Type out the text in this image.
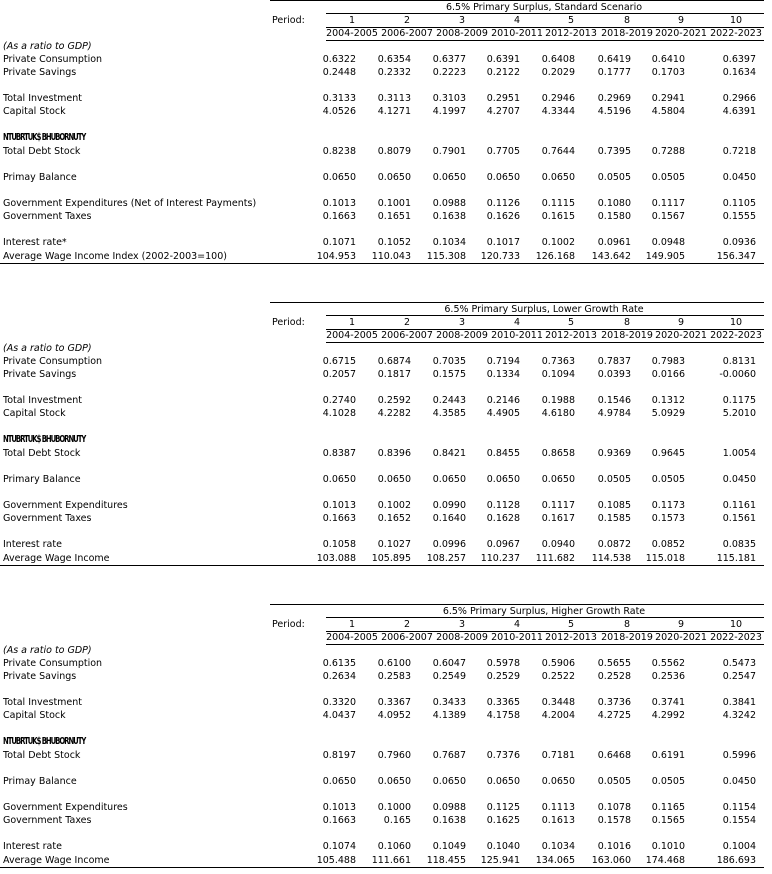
6.5% Primary Surplus, Standard Scenario
Period:	1	2	3	4	5	8	9	10
2004-2005 2006-2007 2008-2009 2010-2011 2012-2013 2018-2019 2020-2021 2022-2023
(As a ratio to GDP)
NTUBRTUK$ BHUBORNUTY
Private Consumption	0.6322	0.6354	0.6377	0.6391	0.6408	0.6419	0.6410	0.6397
Private Savings	0.2448	0.2332	0.2223	0.2122	0.2029	0.1777	0.1703	0.1634
Total Investment	0.3133	0.3113	0.3103	0.2951	0.2946	0.2969	0.2941	0.2966
Capital Stock	4.0526	4.1271	4.1997	4.2707	4.3344	4.5196	4.5804	4.6391
Total Debt Stock	0.8238	0.8079	0.7901	0.7705	0.7644	0.7395	0.7288	0.7218
Primay Balance	0.0650	0.0650	0.0650	0.0650	0.0650	0.0505	0.0505	0.0450
Government Expenditures (Net of Interest Payments)	0.1013	0.1001	0.0988	0.1126	0.1115	0.1080	0.1117	0.1105
Government Taxes	0.1663	0.1651	0.1638	0.1626	0.1615	0.1580	0.1567	0.1555
Interest rate*	0.1071	0.1052	0.1034	0.1017	0.1002	0.0961	0.0948	0.0936
Average Wage Income Index (2002-2003=100)	104.953	110.043	115.308	120.733	126.168	143.642	149.905	156.347
6.5% Primary Surplus, Lower Growth Rate
Period:	1	2	3	4	5	8	9	10
2004-2005 2006-2007 2008-2009 2010-2011 2012-2013 2018-2019 2020-2021 2022-2023
(As a ratio to GDP)
NTUBRTUK$ BHUBORNUTY
Private Consumption	0.6715	0.6874	0.7035	0.7194	0.7363	0.7837	0.7983	0.8131
Private Savings	0.2057	0.1817	0.1575	0.1334	0.1094	0.0393	0.0166	-0.0060
Total Investment	0.2740	0.2592	0.2443	0.2146	0.1988	0.1546	0.1312	0.1175
Capital Stock	4.1028	4.2282	4.3585	4.4905	4.6180	4.9784	5.0929	5.2010
Total Debt Stock	0.8387	0.8396	0.8421	0.8455	0.8658	0.9369	0.9645	1.0054
Primary Balance	0.0650	0.0650	0.0650	0.0650	0.0650	0.0505	0.0505	0.0450
Government Expenditures	0.1013	0.1002	0.0990	0.1128	0.1117	0.1085	0.1173	0.1161
Government Taxes	0.1663	0.1652	0.1640	0.1628	0.1617	0.1585	0.1573	0.1561
Interest rate	0.1058	0.1027	0.0996	0.0967	0.0940	0.0872	0.0852	0.0835
Average Wage Income	103.088	105.895	108.257	110.237	111.682	114.538	115.018	115.181
6.5% Primary Surplus, Higher Growth Rate
Period:	1	2	3	4	5	8	9	10
2004-2005 2006-2007 2008-2009 2010-2011 2012-2013 2018-2019 2020-2021 2022-2023
(As a ratio to GDP)
NTUBRTUK$ BHUBORNUTY
Private Consumption	0.6135	0.6100	0.6047	0.5978	0.5906	0.5655	0.5562	0.5473
Private Savings	0.2634	0.2583	0.2549	0.2529	0.2522	0.2528	0.2536	0.2547
Total Investment	0.3320	0.3367	0.3433	0.3365	0.3448	0.3736	0.3741	0.3841
Capital Stock	4.0437	4.0952	4.1389	4.1758	4.2004	4.2725	4.2992	4.3242
Total Debt Stock	0.8197	0.7960	0.7687	0.7376	0.7181	0.6468	0.6191	0.5996
Primay Balance	0.0650	0.0650	0.0650	0.0650	0.0650	0.0505	0.0505	0.0450
Government Expenditures	0.1013	0.1000	0.0988	0.1125	0.1113	0.1078	0.1165	0.1154
Government Taxes	0.1663	0.165	0.1638	0.1625	0.1613	0.1578	0.1565	0.1554
Interest rate	0.1074	0.1060	0.1049	0.1040	0.1034	0.1016	0.1010	0.1004
Average Wage Income	105.488	111.661	118.455	125.941	134.065	163.060	174.468	186.693
